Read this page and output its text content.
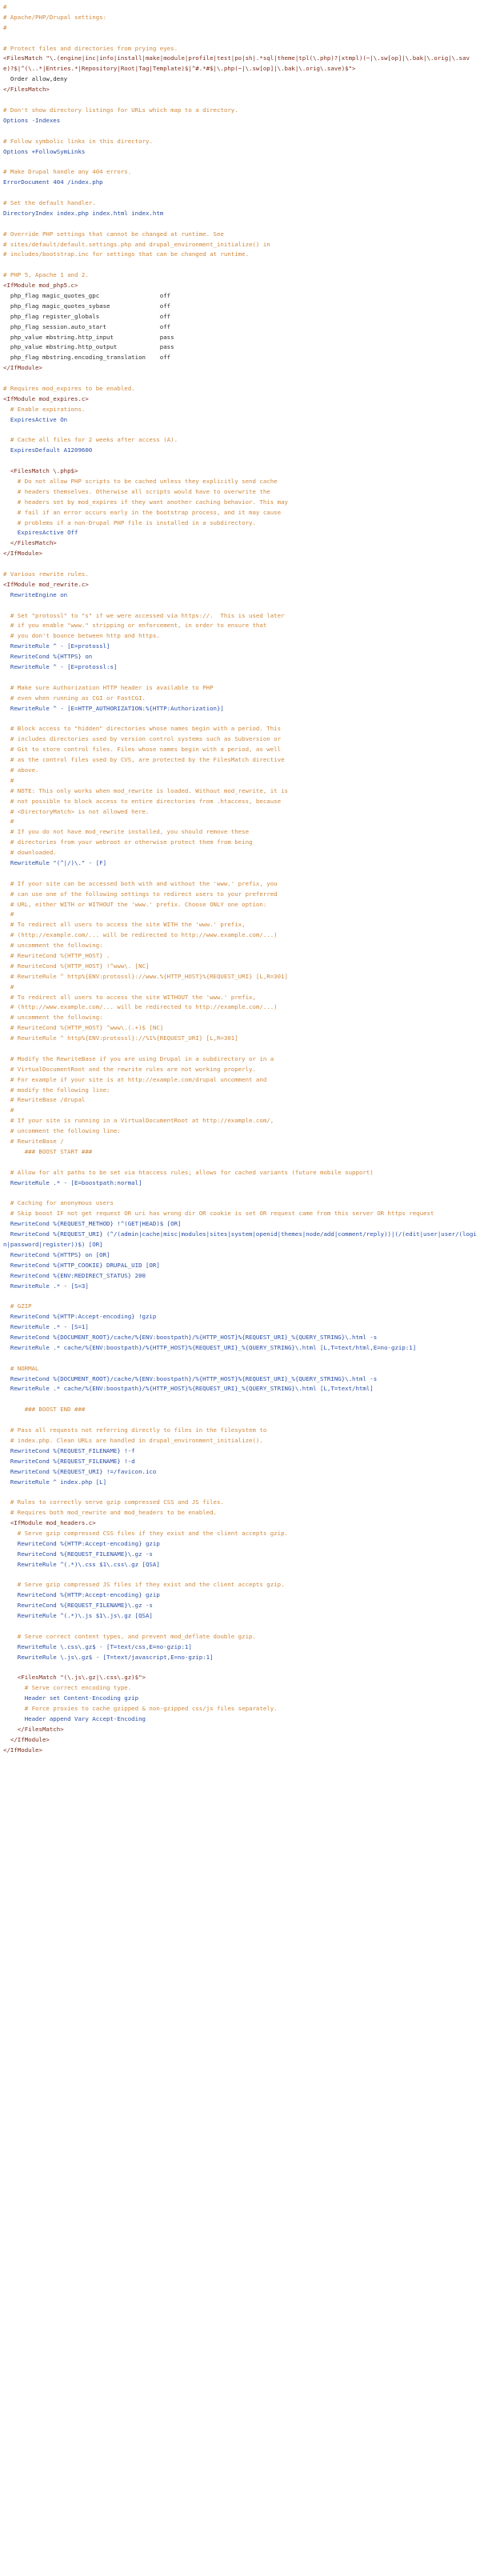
#
# Apache/PHP/Drupal settings:
#
# Protect files and directories from prying eyes.
<FilesMatch "\.(engine|inc|info|install|make|module|profile|test|po|sh|.*sql|theme|tpl(\.php)?|xtmpl)(~|\.sw[op]|\.bak|\.orig|\.save)?$|^(\..*|Entries.*|Repository|Root|Tag|Template)$|^#.*#$|\.php(~|\.sw[op]|\.bak|\.orig\.save)$">
Order allow,deny
</FilesMatch>
# Don't show directory listings for URLs which map to a directory.
Options -Indexes
# Follow symbolic links in this directory.
Options +FollowSymLinks
# Make Drupal handle any 404 errors.
ErrorDocument 404 /index.php
# Set the default handler.
DirectoryIndex index.php index.html index.htm
# Override PHP settings that cannot be changed at runtime. See
# sites/default/default.settings.php and drupal_environment_initialize() in
# includes/bootstrap.inc for settings that can be changed at runtime.
# PHP 5, Apache 1 and 2.
<IfModule mod_php5.c>
php_flag magic_quotes_gpc                 off
php_flag magic_quotes_sybase              off
php_flag register_globals                 off
php_flag session.auto_start               off
php_value mbstring.http_input             pass
php_value mbstring.http_output            pass
php_flag mbstring.encoding_translation    off
</IfModule>
# Requires mod_expires to be enabled.
<IfModule mod_expires.c>
# Enable expirations.
ExpiresActive On
# Cache all files for 2 weeks after access (A).
ExpiresDefault A1209600
<FilesMatch \.php$>
# Do not allow PHP scripts to be cached unless they explicitly send cache
# headers themselves. Otherwise all scripts would have to overwrite the
# headers set by mod_expires if they want another caching behavior. This may
# fail if an error occurs early in the bootstrap process, and it may cause
# problems if a non-Drupal PHP file is installed in a subdirectory.
ExpiresActive Off
</FilesMatch>
</IfModule>
# Various rewrite rules.
<IfModule mod_rewrite.c>
RewriteEngine on
# Set "protossl" to "s" if we were accessed via https://.  This is used later
# if you enable "www." stripping or enforcement, in order to ensure that
# you don't bounce between http and https.
RewriteRule ^ - [E=protossl]
RewriteCond %{HTTPS} on
RewriteRule ^ - [E=protossl:s]
# Make sure Authorization HTTP header is available to PHP
# even when running as CGI or FastCGI.
RewriteRule ^ - [E=HTTP_AUTHORIZATION:%{HTTP:Authorization}]
# Block access to "hidden" directories whose names begin with a period. This
# includes directories used by version control systems such as Subversion or
# Git to store control files. Files whose names begin with a period, as well
# as the control files used by CVS, are protected by the FilesMatch directive
# above.
#
# NOTE: This only works when mod_rewrite is loaded. Without mod_rewrite, it is
# not possible to block access to entire directories from .htaccess, because
# <DirectoryMatch> is not allowed here.
#
# If you do not have mod_rewrite installed, you should remove these
# directories from your webroot or otherwise protect them from being
# downloaded.
RewriteRule "(^|/)\." - [F]
# If your site can be accessed both with and without the 'www.' prefix, you
# can use one of the following settings to redirect users to your preferred
# URL, either WITH or WITHOUT the 'www.' prefix. Choose ONLY one option:
#
# To redirect all users to access the site WITH the 'www.' prefix,
# (http://example.com/... will be redirected to http://www.example.com/...)
# uncomment the following:
# RewriteCond %{HTTP_HOST} .
# RewriteCond %{HTTP_HOST} !^www\. [NC]
# RewriteRule ^ http%{ENV:protossl}://www.%{HTTP_HOST}%{REQUEST_URI} [L,R=301]
#
# To redirect all users to access the site WITHOUT the 'www.' prefix,
# (http://www.example.com/... will be redirected to http://example.com/...)
# uncomment the following:
# RewriteCond %{HTTP_HOST} ^www\.(.+)$ [NC]
# RewriteRule ^ http%{ENV:protossl}://%1%{REQUEST_URI} [L,R=301]
# Modify the RewriteBase if you are using Drupal in a subdirectory or in a
# VirtualDocumentRoot and the rewrite rules are not working properly.
# For example if your site is at http://example.com/drupal uncomment and
# modify the following line:
# RewriteBase /drupal
#
# If your site is running in a VirtualDocumentRoot at http://example.com/,
# uncomment the following line:
# RewriteBase /
### BOOST START ###
# Allow for alt paths to be set via htaccess rules; allows for cached variants (future mobile support)
RewriteRule .* - [E=boostpath:normal]
# Caching for anonymous users
# Skip boost IF not get request OR uri has wrong dir OR cookie is set OR request came from this server OR https request
RewriteCond %{REQUEST_METHOD} !^(GET|HEAD)$ [OR]
RewriteCond %{REQUEST_URI} (^/(admin|cache|misc|modules|sites|system|openid|themes|node/add|comment/reply))|(/(edit|user|user/(login|password|register))$) [OR]
RewriteCond %{HTTPS} on [OR]
RewriteCond %{HTTP_COOKIE} DRUPAL_UID [OR]
RewriteCond %{ENV:REDIRECT_STATUS} 200
RewriteRule .* - [S=3]
# GZIP
RewriteCond %{HTTP:Accept-encoding} !gzip
RewriteRule .* - [S=1]
RewriteCond %{DOCUMENT_ROOT}/cache/%{ENV:boostpath}/%{HTTP_HOST}%{REQUEST_URI}_%{QUERY_STRING}\.html -s
RewriteRule .* cache/%{ENV:boostpath}/%{HTTP_HOST}%{REQUEST_URI}_%{QUERY_STRING}\.html [L,T=text/html,E=no-gzip:1]
# NORMAL
RewriteCond %{DOCUMENT_ROOT}/cache/%{ENV:boostpath}/%{HTTP_HOST}%{REQUEST_URI}_%{QUERY_STRING}\.html -s
RewriteRule .* cache/%{ENV:boostpath}/%{HTTP_HOST}%{REQUEST_URI}_%{QUERY_STRING}\.html [L,T=text/html]
### BOOST END ###
# Pass all requests not referring directly to files in the filesystem to
# index.php. Clean URLs are handled in drupal_environment_initialize().
RewriteCond %{REQUEST_FILENAME} !-f
RewriteCond %{REQUEST_FILENAME} !-d
RewriteCond %{REQUEST_URI} !=/favicon.ico
RewriteRule ^ index.php [L]
# Rules to correctly serve gzip compressed CSS and JS files.
# Requires both mod_rewrite and mod_headers to be enabled.
<IfModule mod_headers.c>
# Serve gzip compressed CSS files if they exist and the client accepts gzip.
RewriteCond %{HTTP:Accept-encoding} gzip
RewriteCond %{REQUEST_FILENAME}\.gz -s
RewriteRule ^(.*)\.css $1\.css\.gz [QSA]
# Serve gzip compressed JS files if they exist and the client accepts gzip.
RewriteCond %{HTTP:Accept-encoding} gzip
RewriteCond %{REQUEST_FILENAME}\.gz -s
RewriteRule ^(.*)\.js $1\.js\.gz [QSA]
# Serve correct content types, and prevent mod_deflate double gzip.
RewriteRule \.css\.gz$ - [T=text/css,E=no-gzip:1]
RewriteRule \.js\.gz$ - [T=text/javascript,E=no-gzip:1]
<FilesMatch "(\.js\.gz|\.css\.gz)$">
# Serve correct encoding type.
Header set Content-Encoding gzip
# Force proxies to cache gzipped & non-gzipped css/js files separately.
Header append Vary Accept-Encoding
</FilesMatch>
</IfModule>
</IfModule>
